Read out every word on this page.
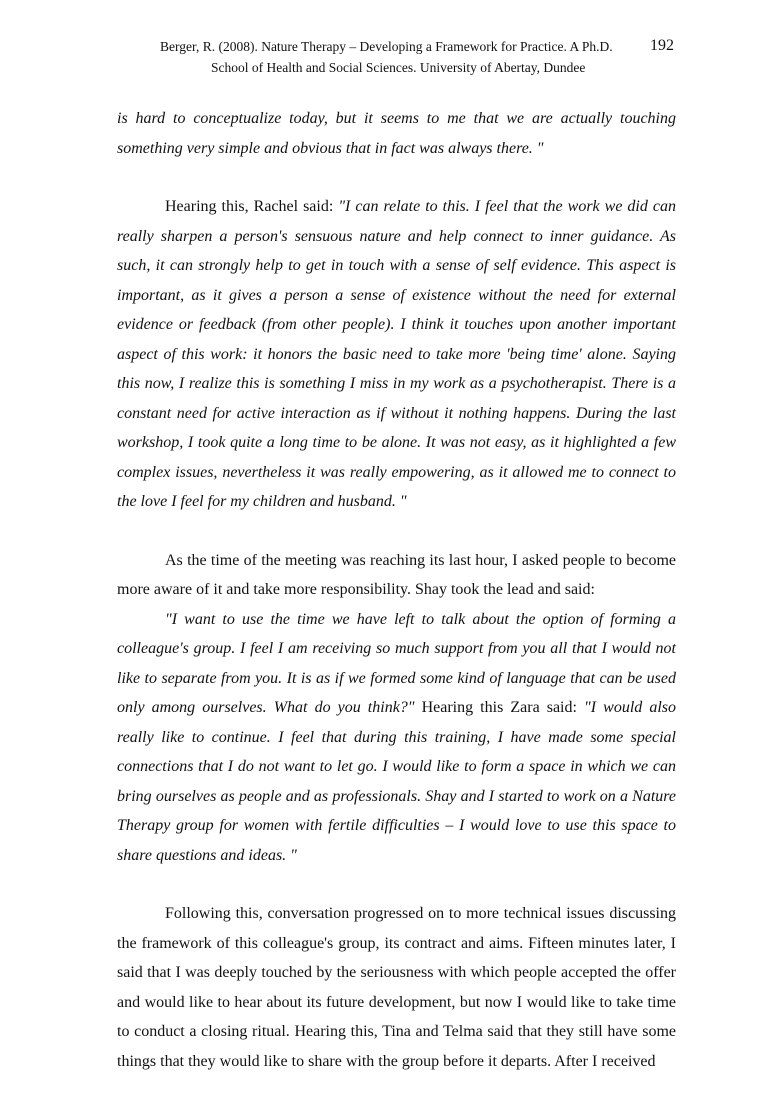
Berger, R. (2008). Nature Therapy – Developing a Framework for Practice. A Ph.D. 192
School of Health and Social Sciences. University of Abertay, Dundee

is hard to conceptualize today, but it seems to me that we are actually touching something very simple and obvious that in fact was always there. "

Hearing this, Rachel said: "I can relate to this. I feel that the work we did can really sharpen a person's sensuous nature and help connect to inner guidance. As such, it can strongly help to get in touch with a sense of self evidence. This aspect is important, as it gives a person a sense of existence without the need for external evidence or feedback (from other people). I think it touches upon another important aspect of this work: it honors the basic need to take more 'being time' alone. Saying this now, I realize this is something I miss in my work as a psychotherapist. There is a constant need for active interaction as if without it nothing happens. During the last workshop, I took quite a long time to be alone. It was not easy, as it highlighted a few complex issues, nevertheless it was really empowering, as it allowed me to connect to the love I feel for my children and husband. "

As the time of the meeting was reaching its last hour, I asked people to become more aware of it and take more responsibility. Shay took the lead and said:

"I want to use the time we have left to talk about the option of forming a colleague's group. I feel I am receiving so much support from you all that I would not like to separate from you. It is as if we formed some kind of language that can be used only among ourselves. What do you think?" Hearing this Zara said: "I would also really like to continue. I feel that during this training, I have made some special connections that I do not want to let go. I would like to form a space in which we can bring ourselves as people and as professionals. Shay and I started to work on a Nature Therapy group for women with fertile difficulties – I would love to use this space to share questions and ideas. "

Following this, conversation progressed on to more technical issues discussing the framework of this colleague's group, its contract and aims. Fifteen minutes later, I said that I was deeply touched by the seriousness with which people accepted the offer and would like to hear about its future development, but now I would like to take time to conduct a closing ritual. Hearing this, Tina and Telma said that they still have some things that they would like to share with the group before it departs. After I received
